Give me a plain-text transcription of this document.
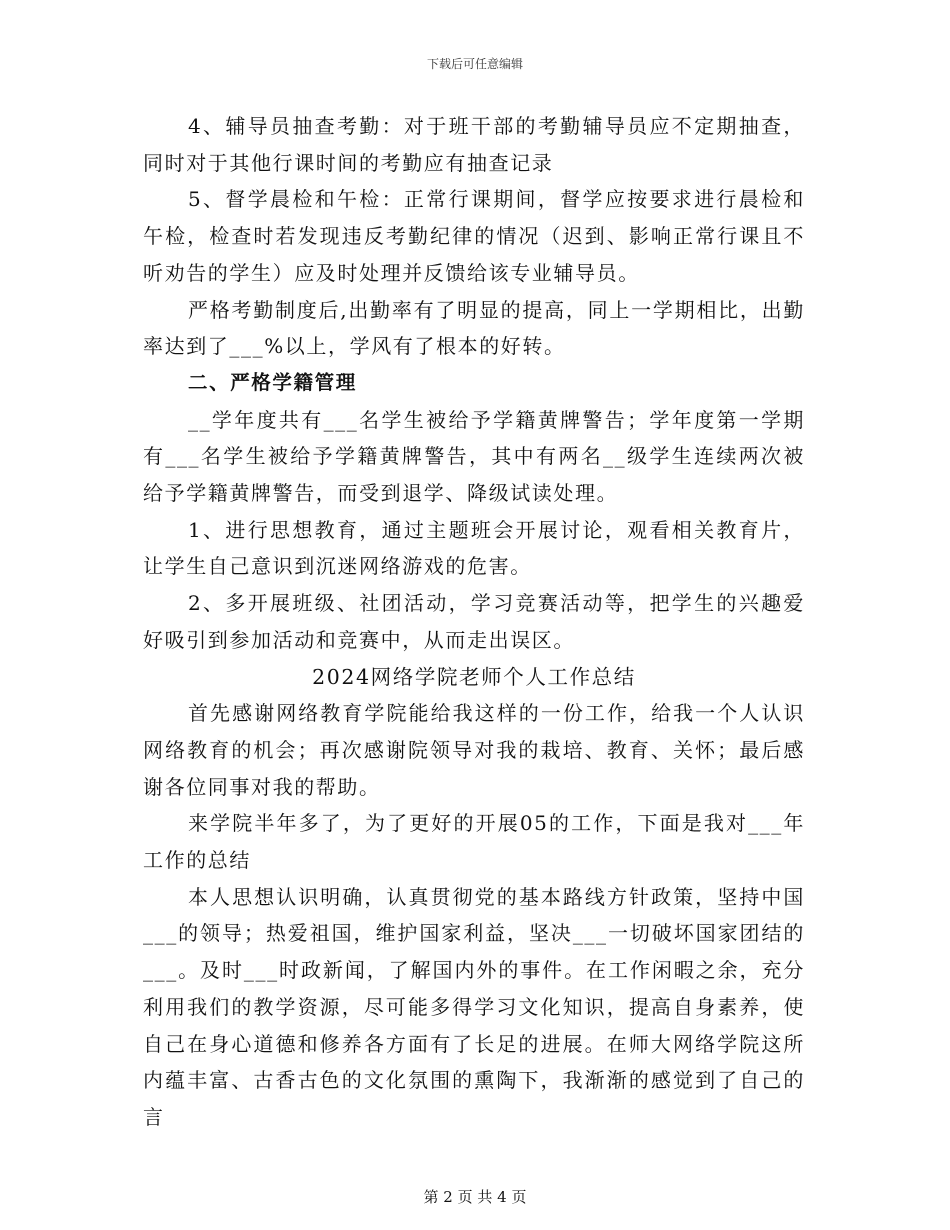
下载后可任意编辑

4、辅导员抽查考勤：对于班干部的考勤辅导员应不定期抽查，同时对于其他行课时间的考勤应有抽查记录

5、督学晨检和午检：正常行课期间，督学应按要求进行晨检和午检，检查时若发现违反考勤纪律的情况（迟到、影响正常行课且不听劝告的学生）应及时处理并反馈给该专业辅导员。

严格考勤制度后,出勤率有了明显的提高，同上一学期相比，出勤率达到了___%以上，学风有了根本的好转。

二、严格学籍管理

__学年度共有___名学生被给予学籍黄牌警告；学年度第一学期有___名学生被给予学籍黄牌警告，其中有两名__级学生连续两次被给予学籍黄牌警告，而受到退学、降级试读处理。

1、进行思想教育，通过主题班会开展讨论，观看相关教育片，让学生自己意识到沉迷网络游戏的危害。

2、多开展班级、社团活动，学习竞赛活动等，把学生的兴趣爱好吸引到参加活动和竞赛中，从而走出误区。

2024网络学院老师个人工作总结

首先感谢网络教育学院能给我这样的一份工作，给我一个人认识网络教育的机会；再次感谢院领导对我的栽培、教育、关怀；最后感谢各位同事对我的帮助。

来学院半年多了，为了更好的开展05的工作，下面是我对___年工作的总结

本人思想认识明确，认真贯彻党的基本路线方针政策，坚持中国___的领导；热爱祖国，维护国家利益，坚决___一切破坏国家团结的___。及时___时政新闻，了解国内外的事件。在工作闲暇之余，充分利用我们的教学资源，尽可能多得学习文化知识，提高自身素养，使自己在身心道德和修养各方面有了长足的进展。在师大网络学院这所内蕴丰富、古香古色的文化氛围的熏陶下，我渐渐的感觉到了自己的言

第 2 页 共 4 页
